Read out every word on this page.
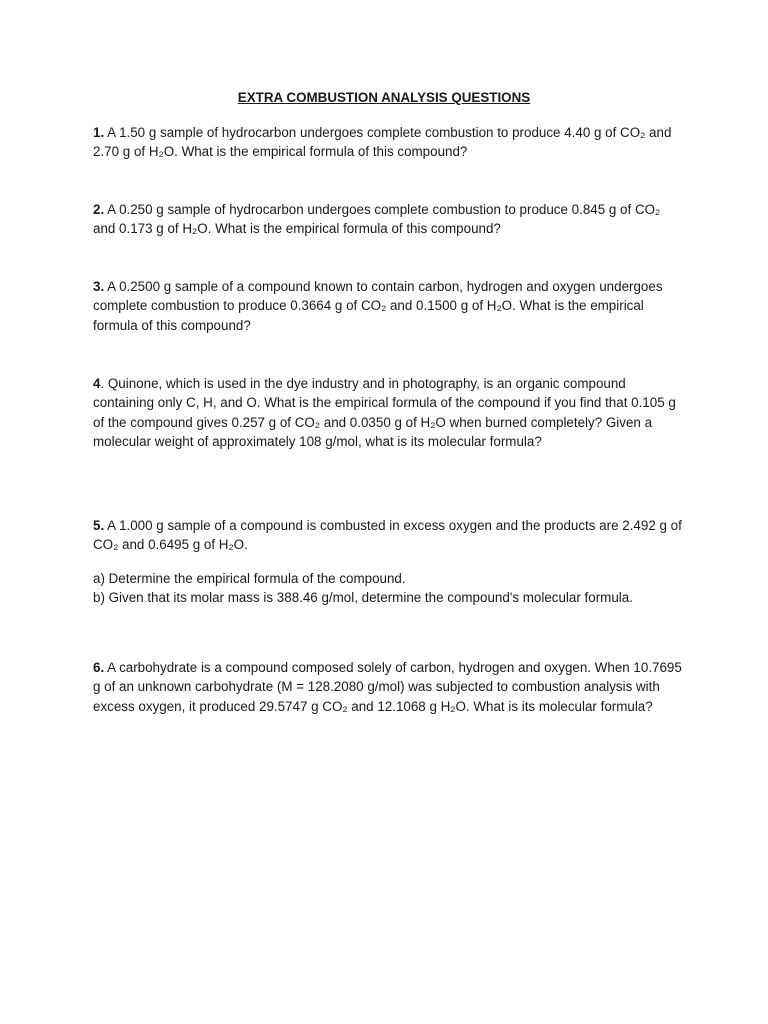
EXTRA COMBUSTION ANALYSIS QUESTIONS

1. A 1.50 g sample of hydrocarbon undergoes complete combustion to produce 4.40 g of CO₂ and 2.70 g of H₂O. What is the empirical formula of this compound?

2. A 0.250 g sample of hydrocarbon undergoes complete combustion to produce 0.845 g of CO₂ and 0.173 g of H₂O. What is the empirical formula of this compound?

3. A 0.2500 g sample of a compound known to contain carbon, hydrogen and oxygen undergoes complete combustion to produce 0.3664 g of CO₂ and 0.1500 g of H₂O. What is the empirical formula of this compound?

4. Quinone, which is used in the dye industry and in photography, is an organic compound containing only C, H, and O. What is the empirical formula of the compound if you find that 0.105 g of the compound gives 0.257 g of CO₂ and 0.0350 g of H₂O when burned completely? Given a molecular weight of approximately 108 g/mol, what is its molecular formula?

5. A 1.000 g sample of a compound is combusted in excess oxygen and the products are 2.492 g of CO₂ and 0.6495 g of H₂O.

a) Determine the empirical formula of the compound.

b) Given that its molar mass is 388.46 g/mol, determine the compound's molecular formula.

6. A carbohydrate is a compound composed solely of carbon, hydrogen and oxygen. When 10.7695 g of an unknown carbohydrate (M = 128.2080 g/mol) was subjected to combustion analysis with excess oxygen, it produced 29.5747 g CO₂ and 12.1068 g H₂O. What is its molecular formula?
